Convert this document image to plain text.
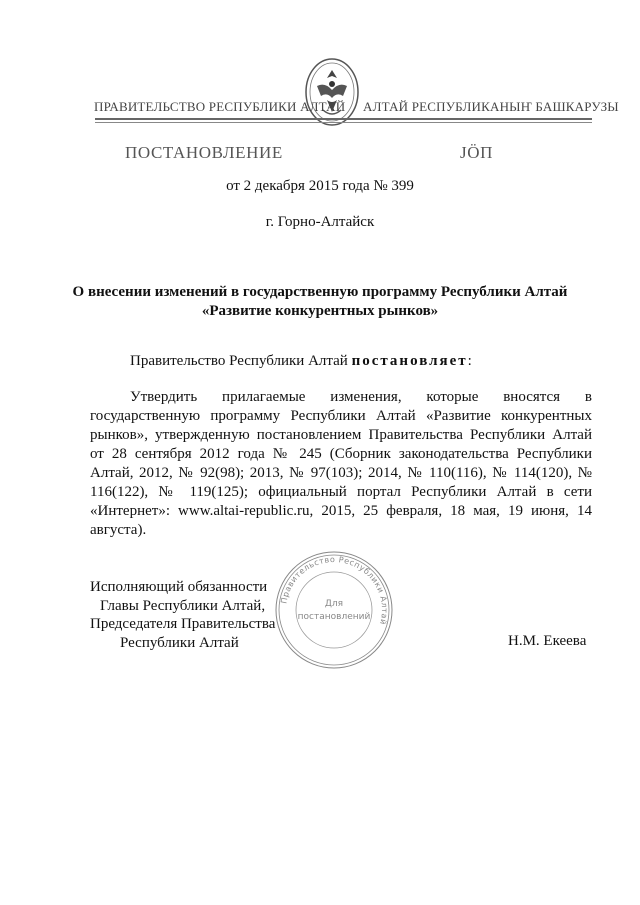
ПРАВИТЕЛЬСТВО РЕСПУБЛИКИ АЛТАЙ АЛТАЙ РЕСПУБЛИКАНЫҤ БАШКАРУЗЫ
ПОСТАНОВЛЕНИЕ	JӦП
от 2 декабря 2015 года № 399
г. Горно-Алтайск
О внесении изменений в государственную программу Республики Алтай
«Развитие конкурентных рынков»
Правительство Республики Алтай постановляет:
Утвердить прилагаемые изменения, которые вносятся в государственную программу Республики Алтай «Развитие конкурентных рынков», утвержденную постановлением Правительства Республики Алтай от 28 сентября 2012 года № 245 (Сборник законодательства Республики Алтай, 2012, № 92(98); 2013, № 97(103); 2014, № 110(116), № 114(120), № 116(122), № 119(125); официальный портал Республики Алтай в сети «Интернет»: www.altai-republic.ru, 2015, 25 февраля, 18 мая, 19 июня, 14 августа).
Исполняющий обязанности
Главы Республики Алтай,
Председателя Правительства
Республики Алтай	Н.М. Екеева
Правительство Республики Алтай
Для
постановлений
